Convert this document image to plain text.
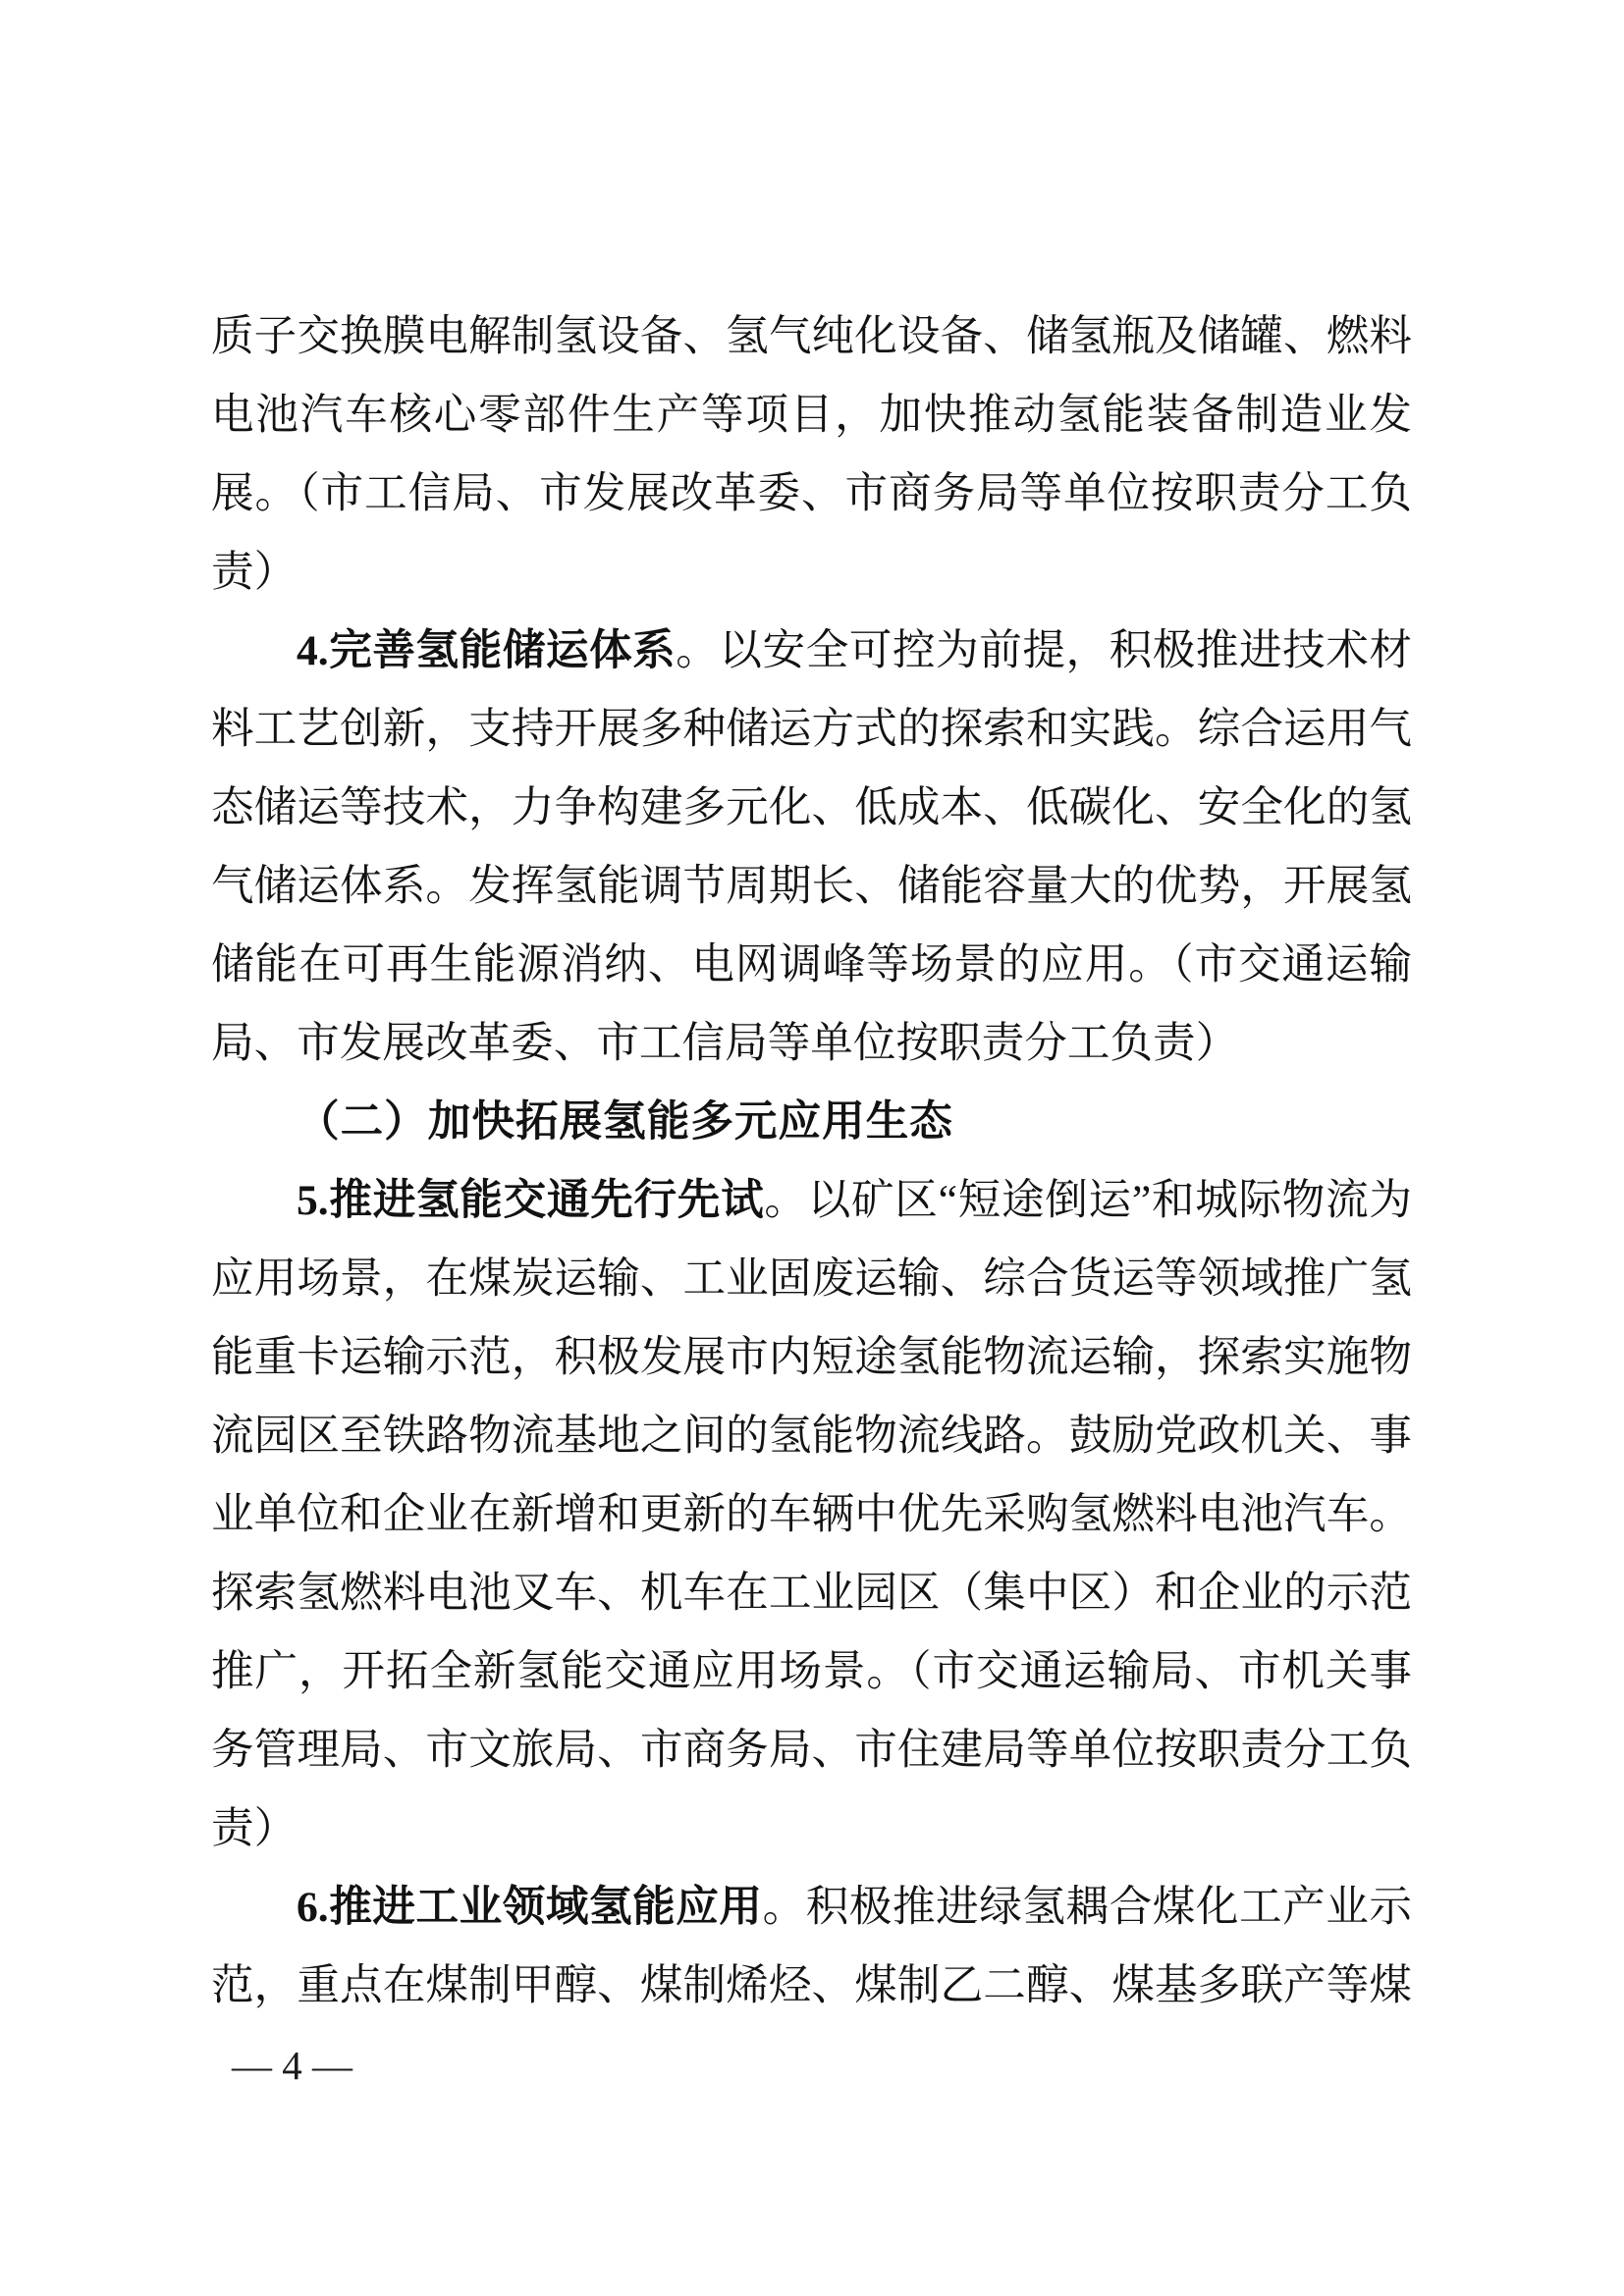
质子交换膜电解制氢设备、氢气纯化设备、储氢瓶及储罐、燃料
电池汽车核心零部件生产等项目，加快推动氢能装备制造业发
展。（市工信局、市发展改革委、市商务局等单位按职责分工负
责）
4.完善氢能储运体系。以安全可控为前提，积极推进技术材
料工艺创新，支持开展多种储运方式的探索和实践。综合运用气
态储运等技术，力争构建多元化、低成本、低碳化、安全化的氢
气储运体系。发挥氢能调节周期长、储能容量大的优势，开展氢
储能在可再生能源消纳、电网调峰等场景的应用。（市交通运输
局、市发展改革委、市工信局等单位按职责分工负责）
（二）加快拓展氢能多元应用生态
5.推进氢能交通先行先试。以矿区“短途倒运”和城际物流为
应用场景，在煤炭运输、工业固废运输、综合货运等领域推广氢
能重卡运输示范，积极发展市内短途氢能物流运输，探索实施物
流园区至铁路物流基地之间的氢能物流线路。鼓励党政机关、事
业单位和企业在新增和更新的车辆中优先采购氢燃料电池汽车。
探索氢燃料电池叉车、机车在工业园区（集中区）和企业的示范
推广，开拓全新氢能交通应用场景。（市交通运输局、市机关事
务管理局、市文旅局、市商务局、市住建局等单位按职责分工负
责）
6.推进工业领域氢能应用。积极推进绿氢耦合煤化工产业示
范，重点在煤制甲醇、煤制烯烃、煤制乙二醇、煤基多联产等煤
— 4 —
